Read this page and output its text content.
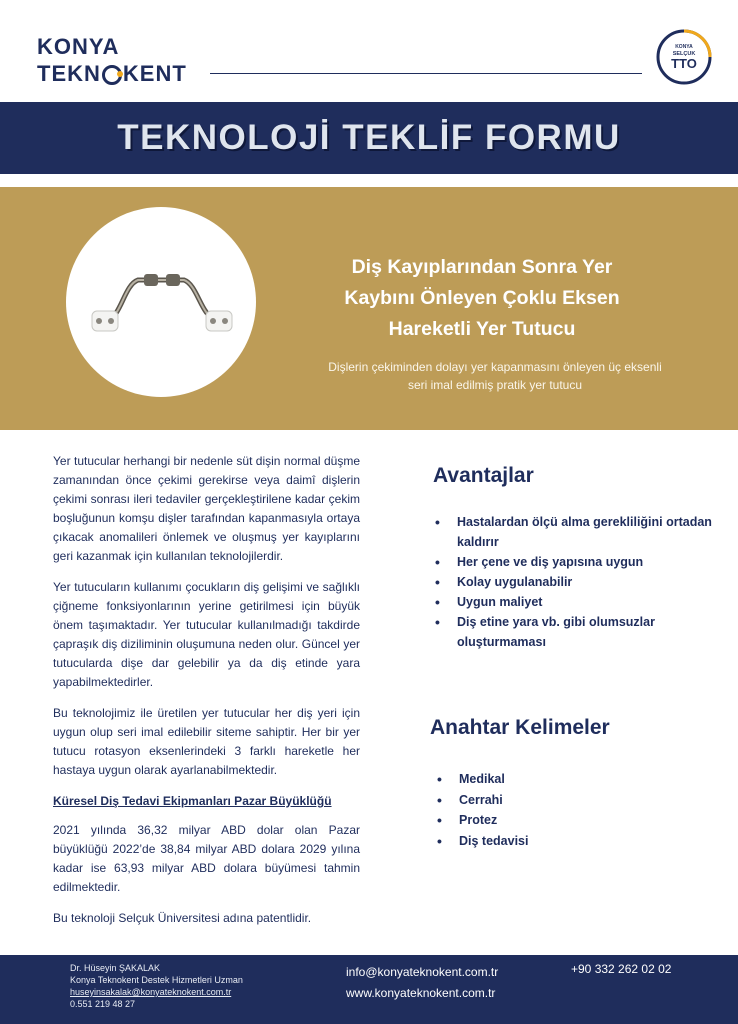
KONYA
TEKN KENT
KONYA
SELÇUK
TTO
TEKNOLOJİ TEKLİF FORMU
Diş Kayıplarından Sonra Yer
Kaybını Önleyen Çoklu Eksen
Hareketli Yer Tutucu
Dişlerin çekiminden dolayı yer kapanmasını önleyen üç eksenli
seri imal edilmiş pratik yer tutucu

Yer tutucular herhangi bir nedenle süt dişin normal düşme zamanından önce çekimi gerekirse veya daimî dişlerin çekimi sonrası ileri tedaviler gerçekleştirilene kadar çekim boşluğunun komşu dişler tarafından kapanmasıyla ortaya çıkacak anomalileri önlemek ve oluşmuş yer kayıplarını geri kazanmak için kullanılan teknolojilerdir.

Yer tutucuların kullanımı çocukların diş gelişimi ve sağlıklı çiğneme fonksiyonlarının yerine getirilmesi için büyük önem taşımaktadır. Yer tutucular kullanılmadığı takdirde çapraşık diş diziliminin oluşumuna neden olur. Güncel yer tutucularda dişe dar gelebilir ya da diş etinde yara yapabilmektedirler.

Bu teknolojimiz ile üretilen yer tutucular her diş yeri için uygun olup seri imal edilebilir siteme sahiptir. Her bir yer tutucu rotasyon eksenlerindeki 3 farklı hareketle her hastaya uygun olarak ayarlanabilmektedir.

Küresel Diş Tedavi Ekipmanları Pazar Büyüklüğü

2021 yılında 36,32 milyar ABD dolar olan Pazar büyüklüğü 2022’de 38,84 milyar ABD dolara 2029 yılına kadar ise 63,93 milyar ABD dolara büyümesi tahmin edilmektedir.

Bu teknoloji Selçuk Üniversitesi adına patentlidir.

Avantajlar
• Hastalardan ölçü alma gerekliliğini ortadan kaldırır
• Her çene ve diş yapısına uygun
• Kolay uygulanabilir
• Uygun maliyet
• Diş etine yara vb. gibi olumsuzlar oluşturmaması
Anahtar Kelimeler
• Medikal
• Cerrahi
• Protez
• Diş tedavisi
Dr. Hüseyin ŞAKALAK
Konya Teknokent Destek Hizmetleri Uzman
huseyinsakalak@konyateknokent.com.tr
0.551 219 48 27
info@konyateknokent.com.tr
www.konyateknokent.com.tr
+90 332 262 02 02
